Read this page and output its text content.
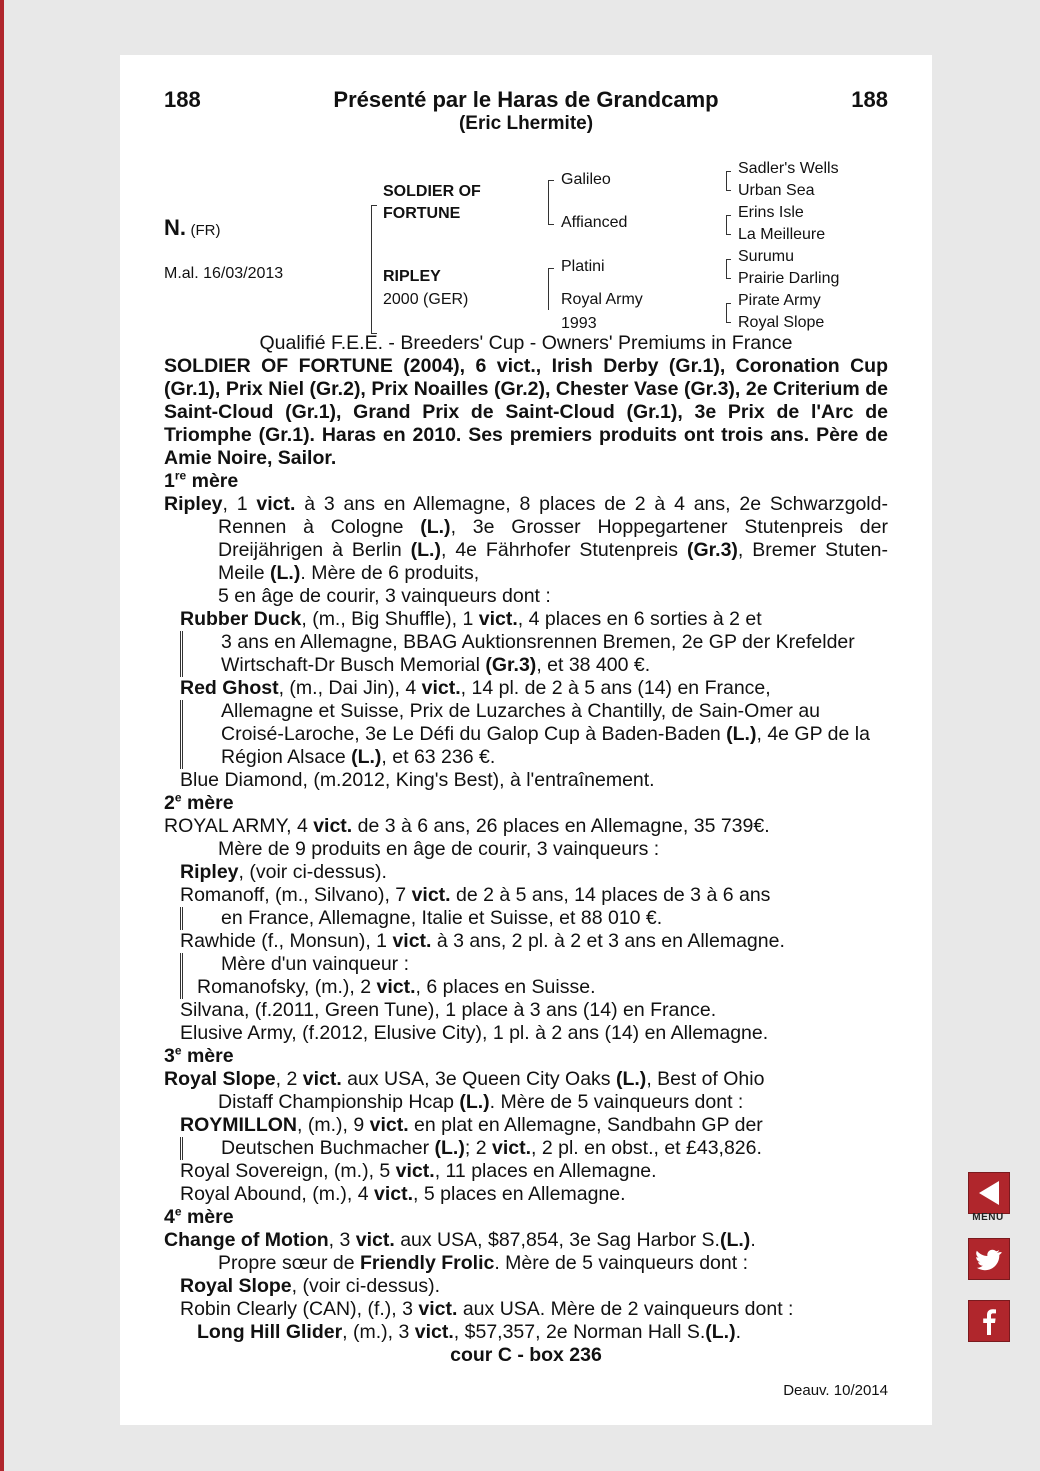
188	Présenté par le Haras de Grandcamp	188
(Eric Lhermite)
N. (FR)
M.al. 16/03/2013
SOLDIER OF
FORTUNE
RIPLEY
2000 (GER)
Galileo
Affianced
Platini
Royal Army
1993
Sadler's Wells
Urban Sea
Erins Isle
La Meilleure
Surumu
Prairie Darling
Pirate Army
Royal Slope

Qualifié F.E.E. - Breeders' Cup - Owners' Premiums in France

SOLDIER OF FORTUNE (2004), 6 vict., Irish Derby (Gr.1), Coronation Cup (Gr.1), Prix Niel (Gr.2), Prix Noailles (Gr.2), Chester Vase (Gr.3), 2e Criterium de Saint-Cloud (Gr.1), Grand Prix de Saint-Cloud (Gr.1), 3e Prix de l'Arc de Triomphe (Gr.1). Haras en 2010. Ses premiers produits ont trois ans. Père de Amie Noire, Sailor.

1re mère

Ripley, 1 vict. à 3 ans en Allemagne, 8 places de 2 à 4 ans, 2e Schwarzgold-Rennen à Cologne (L.), 3e Grosser Hoppegartener Stutenpreis der Dreijährigen à Berlin (L.), 4e Fährhofer Stutenpreis (Gr.3), Bremer Stuten-Meile (L.). Mère de 6 produits,

5 en âge de courir, 3 vainqueurs dont :

Rubber Duck, (m., Big Shuffle), 1 vict., 4 places en 6 sorties à 2 et

3 ans en Allemagne, BBAG Auktionsrennen Bremen, 2e GP der Krefelder Wirtschaft-Dr Busch Memorial (Gr.3), et 38 400 €.

Red Ghost, (m., Dai Jin), 4 vict., 14 pl. de 2 à 5 ans (14) en France,

Allemagne et Suisse, Prix de Luzarches à Chantilly, de Sain-Omer au Croisé-Laroche, 3e Le Défi du Galop Cup à Baden-Baden (L.), 4e GP de la Région Alsace (L.), et 63 236 €.

Blue Diamond, (m.2012, King's Best), à l'entraînement.

2e mère

ROYAL ARMY, 4 vict. de 3 à 6 ans, 26 places en Allemagne, 35 739€.

Mère de 9 produits en âge de courir, 3 vainqueurs :

Ripley, (voir ci-dessus).

Romanoff, (m., Silvano), 7 vict. de 2 à 5 ans, 14 places de 3 à 6 ans

en France, Allemagne, Italie et Suisse, et 88 010 €.

Rawhide (f., Monsun), 1 vict. à 3 ans, 2 pl. à 2 et 3 ans en Allemagne.

Mère d'un vainqueur :

Romanofsky, (m.), 2 vict., 6 places en Suisse.

Silvana, (f.2011, Green Tune), 1 place à 3 ans (14) en France.

Elusive Army, (f.2012, Elusive City), 1 pl. à 2 ans (14) en Allemagne.

3e mère

Royal Slope, 2 vict. aux USA, 3e Queen City Oaks (L.), Best of Ohio

Distaff Championship Hcap (L.). Mère de 5 vainqueurs dont :

ROYMILLON, (m.), 9 vict. en plat en Allemagne, Sandbahn GP der

Deutschen Buchmacher (L.); 2 vict., 2 pl. en obst., et £43,826.

Royal Sovereign, (m.), 5 vict., 11 places en Allemagne.

Royal Abound, (m.), 4 vict., 5 places en Allemagne.

4e mère

Change of Motion, 3 vict. aux USA, $87,854, 3e Sag Harbor S.(L.).

Propre sœur de Friendly Frolic. Mère de 5 vainqueurs dont :

Royal Slope, (voir ci-dessus).

Robin Clearly (CAN), (f.), 3 vict. aux USA. Mère de 2 vainqueurs dont :

Long Hill Glider, (m.), 3 vict., $57,357, 2e Norman Hall S.(L.).

cour C - box 236

Deauv. 10/2014
MENU
